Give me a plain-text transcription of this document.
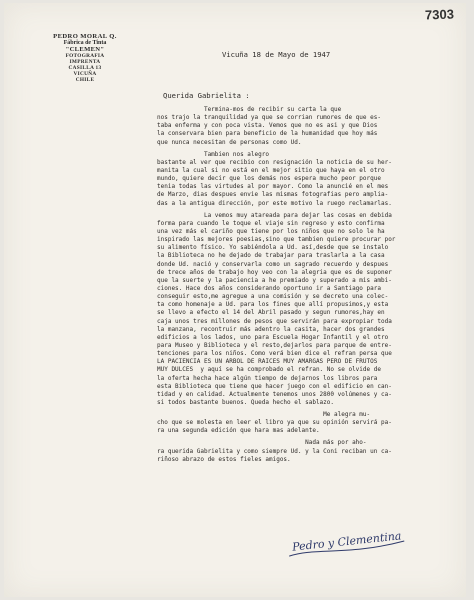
7303
PEDRO MORAL Q.
Fábrica de Tinta
"CLEMEN"
FOTOGRAFIA
IMPRENTA
CASILLA 13
VICUÑA
CHILE
Vicuña 18 de Mayo de 1947
Querida Gabrielita :
Termina-mos de recibir su carta la que
nos trajo la tranquilidad ya que se corrian rumores de que es-
taba enferma y con poca vista. Vemos que no es asi y que Dios
la conservara bien para beneficio de la humanidad que hoy más
que nunca necesitan de personas como Ud.
Tambien nos alegro
bastante al ver que recibio con resignación la noticia de su her-
manita la cual si no está en el mejor sitio que haya en el otro
mundo, quiere decir que los demás nos espera mucho peor porque
tenia todas las virtudes al por mayor. Como la anuncié en el mes
de Marzo, dias despues envie las mismas fotografias pero amplia-
das a la antigua dirección, por este motivo la ruego reclamarlas.
La vemos muy atareada para dejar las cosas en debida
forma para cuando le toque el viaje sin regreso y esto confirma
una vez más el cariño que tiene por los niños que no solo le ha
inspirado las mejores poesias,sino que tambien quiere procurar por
su alimento físico. Yo sabiéndola a Ud. así,desde que se instalo
la Biblioteca no he dejado de trabajar para traslarla a la casa
donde Ud. nació y conservarla como un sagrado recuerdo y despues
de trece años de trabajo hoy veo con la alegria que es de suponer
que la suerte y la paciencia a he premiado y superado a mis ambi-
ciones. Hace dos años considerando oportuno ir a Santiago para
conseguir esto,me agregue a una comisión y se decreto una colec-
ta como homenaje a Ud. para los fines que allí propusimos,y esta
se llevo a efecto el 14 del Abril pasado y segun rumores,hay en
caja unos tres millones de pesos que servirán para expropiar toda
la manzana, recontruir más adentro la casita, hacer dos grandes
edificios a los lados, uno para Escuela Hogar Infantil y el otro
para Museo y Biblioteca y el resto,dejarlos para parque de entre-
tenciones para los niños. Como verá bien dice el refran persa que
LA PACIENCIA ES UN ARBOL DE RAICES MUY AMARGAS PERO DE FRUTOS
MUY DULCES  y aquí se ha comprobado el refran. No se olvide de
la oferta hecha hace algún tiempo de dejarnos los libros para
esta Biblioteca que tiene que hacer juego con el edificio en can-
tidad y en calidad. Actualmente tenemos unos 2800 volúmenes y ca-
si todos bastante buenos. Queda hecho el sablazo.
Me alegra mu-
cho que se molesta en leer el libro ya que su opinión servirá pa-
ra una segunda edición que hara mas adelante.
Nada más por aho-
ra querida Gabrielita y como siempre Ud. y la Coni reciban un ca-
riñoso abrazo de estos fieles amigos.
Pedro y Clementina
